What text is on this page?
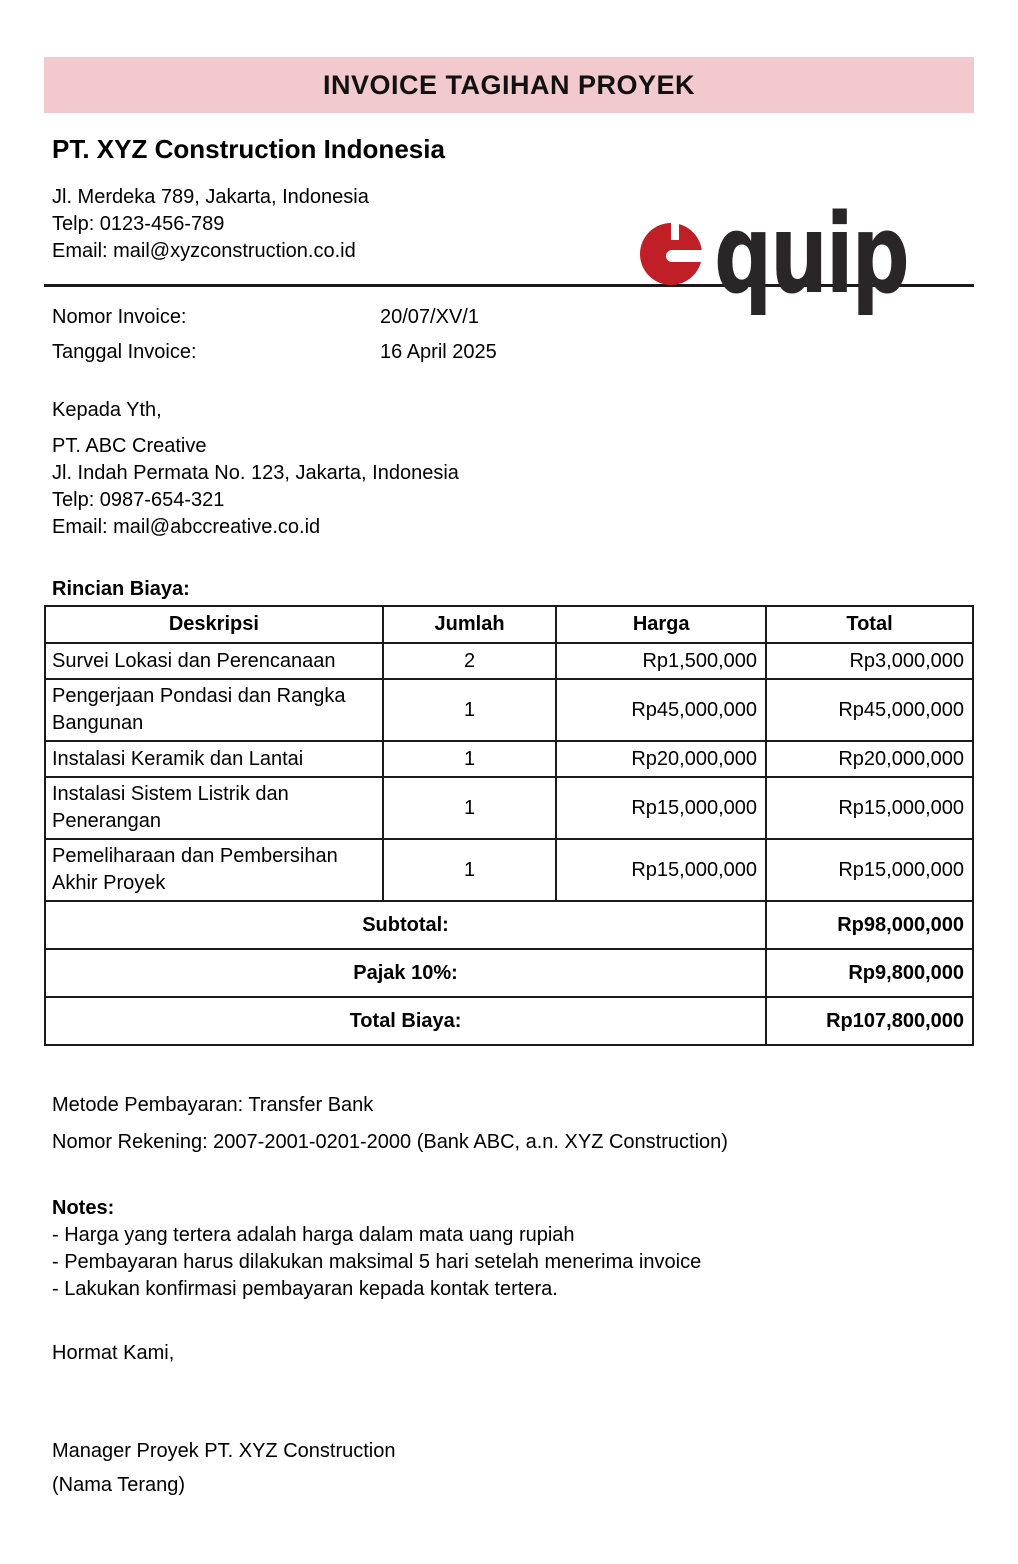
INVOICE TAGIHAN PROYEK
PT. XYZ Construction Indonesia
Jl. Merdeka 789, Jakarta, Indonesia
Telp: 0123-456-789
Email: mail@xyzconstruction.co.id	quip
Nomor Invoice:	20/07/XV/1
Tanggal Invoice:	16 April 2025
Kepada Yth,
PT. ABC Creative
Jl. Indah Permata No. 123, Jakarta, Indonesia
Telp: 0987-654-321
Email: mail@abccreative.co.id
Rincian Biaya:
Deskripsi	Jumlah	Harga	Total
Survei Lokasi dan Perencanaan	2	Rp1,500,000	Rp3,000,000
Pengerjaan Pondasi dan Rangka Bangunan	1	Rp45,000,000	Rp45,000,000
Instalasi Keramik dan Lantai	1	Rp20,000,000	Rp20,000,000
Instalasi Sistem Listrik dan Penerangan	1	Rp15,000,000	Rp15,000,000
Pemeliharaan dan Pembersihan Akhir Proyek	1	Rp15,000,000	Rp15,000,000
Subtotal:			Rp98,000,000
Pajak 10%:			Rp9,800,000
Total Biaya:			Rp107,800,000
Metode Pembayaran: Transfer Bank
Nomor Rekening: 2007-2001-0201-2000 (Bank ABC, a.n. XYZ Construction)
Notes:
- Harga yang tertera adalah harga dalam mata uang rupiah
- Pembayaran harus dilakukan maksimal 5 hari setelah menerima invoice
- Lakukan konfirmasi pembayaran kepada kontak tertera.
Hormat Kami,
Manager Proyek PT. XYZ Construction
(Nama Terang)
